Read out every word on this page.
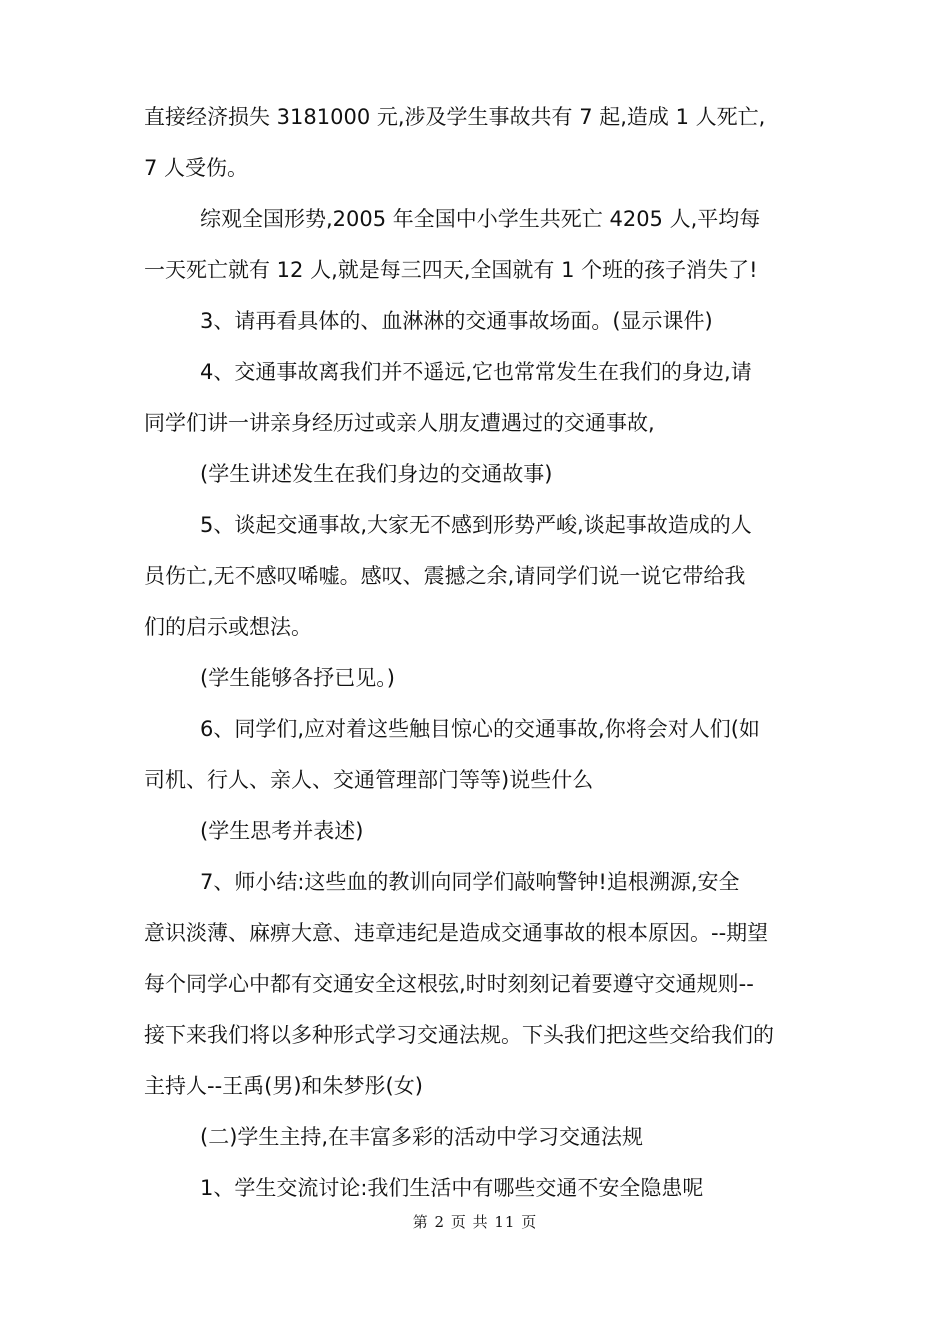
直接经济损失 3181000 元,涉及学生事故共有 7 起,造成 1 人死亡,
7 人受伤。

综观全国形势,2005 年全国中小学生共死亡 4205 人,平均每
一天死亡就有 12 人,就是每三四天,全国就有 1 个班的孩子消失了!

3、请再看具体的、血淋淋的交通事故场面。(显示课件)

4、交通事故离我们并不遥远,它也常常发生在我们的身边,请
同学们讲一讲亲身经历过或亲人朋友遭遇过的交通事故,

(学生讲述发生在我们身边的交通故事)

5、谈起交通事故,大家无不感到形势严峻,谈起事故造成的人
员伤亡,无不感叹唏嘘。感叹、震撼之余,请同学们说一说它带给我
们的启示或想法。

(学生能够各抒已见。)

6、同学们,应对着这些触目惊心的交通事故,你将会对人们(如
司机、行人、亲人、交通管理部门等等)说些什么

(学生思考并表述)

7、师小结:这些血的教训向同学们敲响警钟!追根溯源,安全
意识淡薄、麻痹大意、违章违纪是造成交通事故的根本原因。--期望
每个同学心中都有交通安全这根弦,时时刻刻记着要遵守交通规则--
接下来我们将以多种形式学习交通法规。下头我们把这些交给我们的
主持人--王禹(男)和朱梦彤(女)

(二)学生主持,在丰富多彩的活动中学习交通法规

1、学生交流讨论:我们生活中有哪些交通不安全隐患呢

第 2 页 共 11 页
